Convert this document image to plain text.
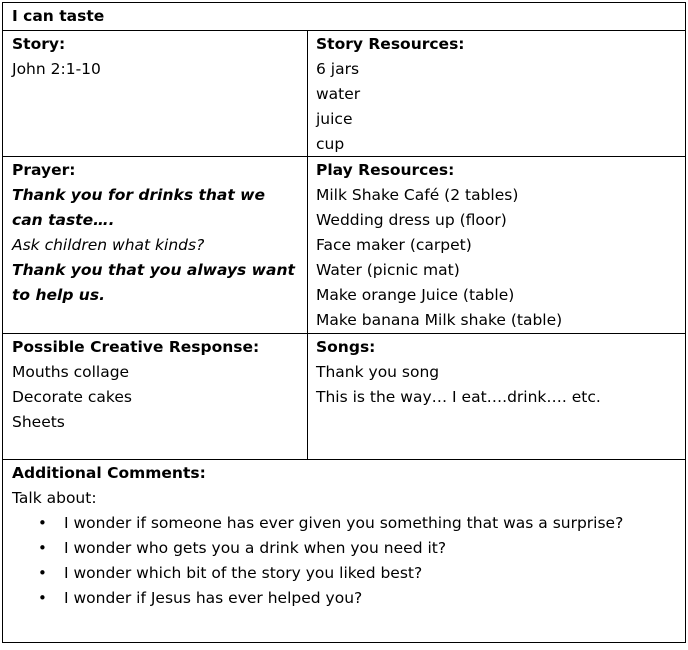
I can taste
Story:
John 2:1-10
Story Resources:
6 jars
water
juice
cup
Prayer:
Thank you for drinks that we
can taste….
Ask children what kinds?
Thank you that you always want
to help us.
Play Resources:
Milk Shake Café (2 tables)
Wedding dress up (floor)
Face maker (carpet)
Water (picnic mat)
Make orange Juice (table)
Make banana Milk shake (table)
Possible Creative Response:
Mouths collage
Decorate cakes
Sheets
Songs:
Thank you song
This is the way… I eat….drink…. etc.
Additional Comments:
Talk about:
• I wonder if someone has ever given you something that was a surprise?
• I wonder who gets you a drink when you need it?
• I wonder which bit of the story you liked best?
• I wonder if Jesus has ever helped you?
